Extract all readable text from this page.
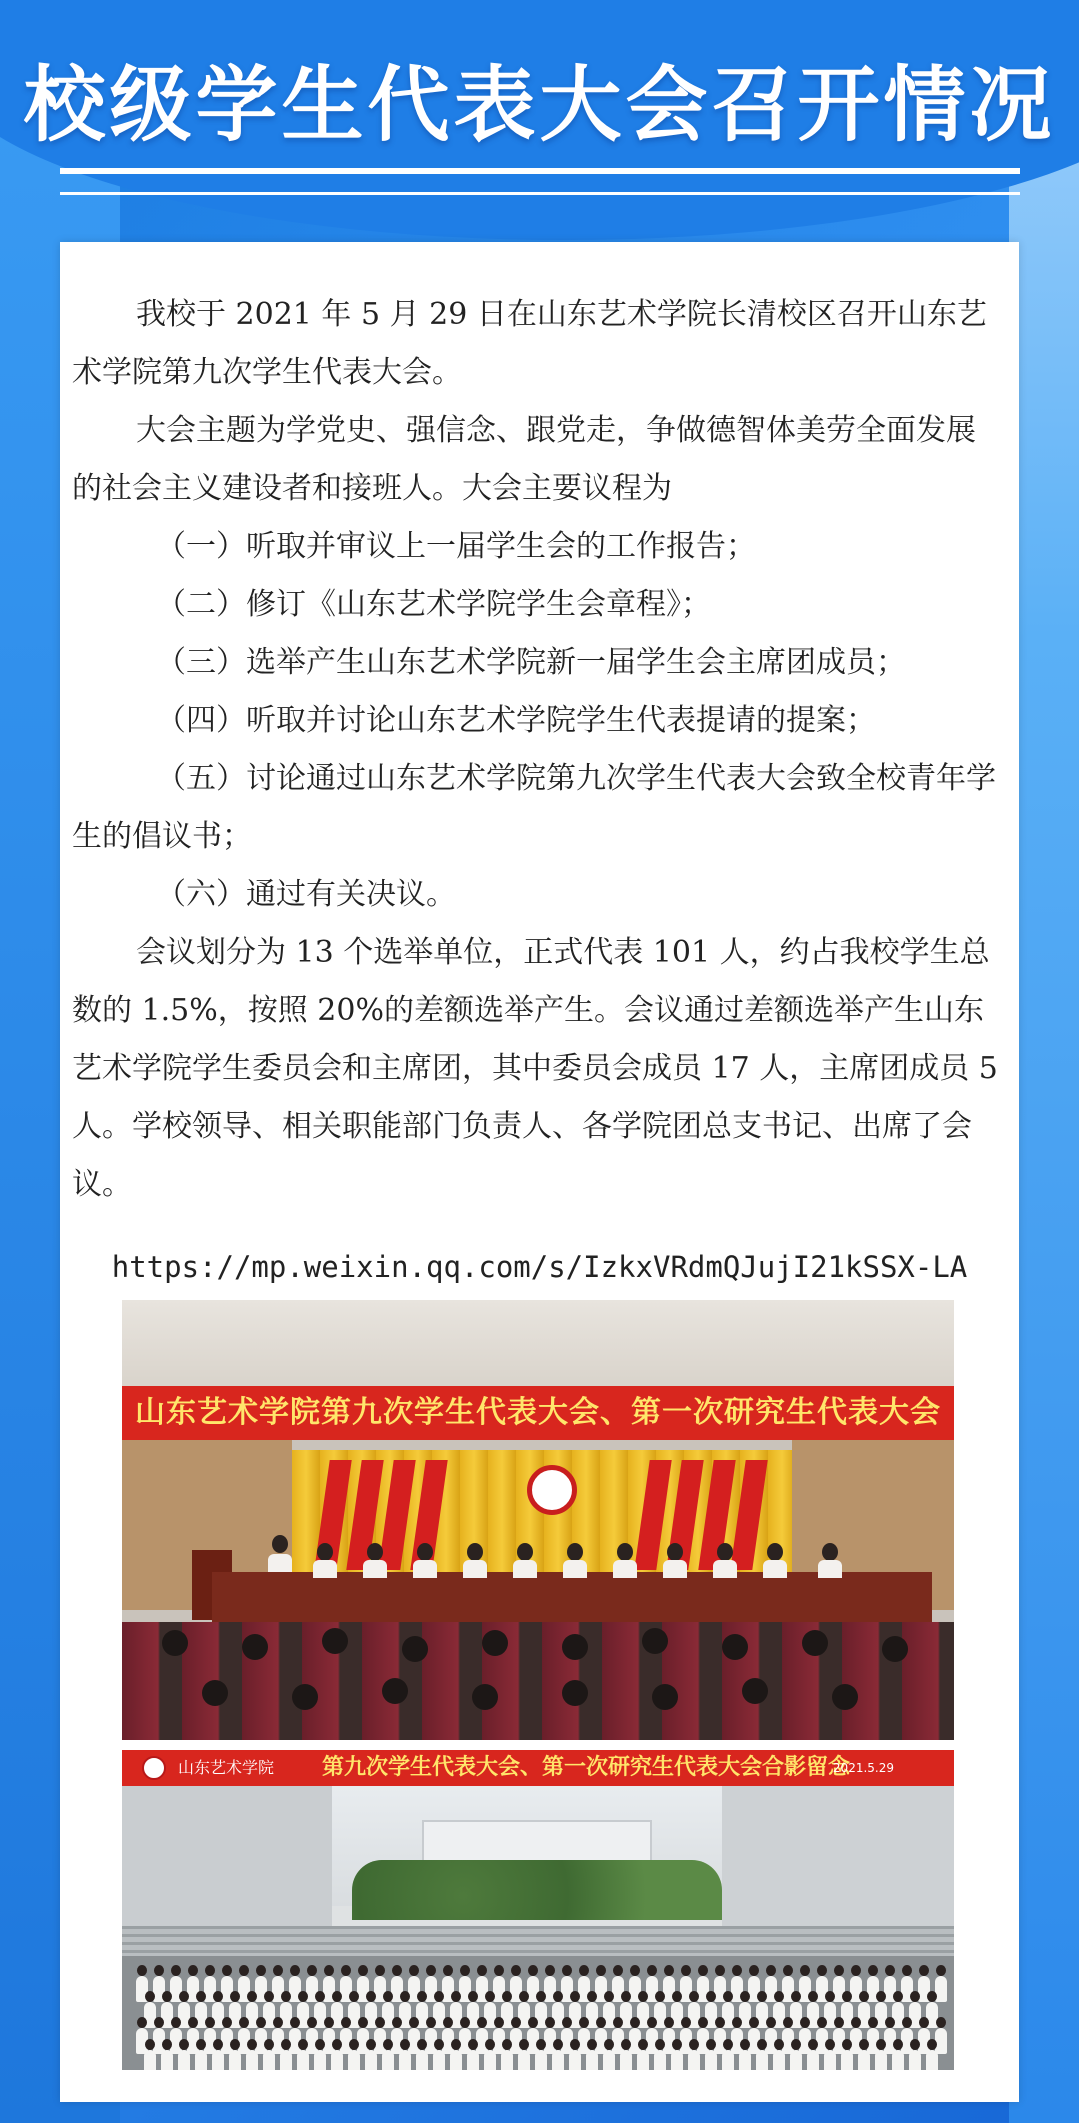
校级学生代表大会召开情况

我校于 2021 年 5 月 29 日在山东艺术学院长清校区召开山东艺术学院第九次学生代表大会。

大会主题为学党史、强信念、跟党走，争做德智体美劳全面发展的社会主义建设者和接班人。大会主要议程为

（一）听取并审议上一届学生会的工作报告；

（二）修订《山东艺术学院学生会章程》；

（三）选举产生山东艺术学院新一届学生会主席团成员；

（四）听取并讨论山东艺术学院学生代表提请的提案；

（五）讨论通过山东艺术学院第九次学生代表大会致全校青年学生的倡议书；

（六）通过有关决议。

会议划分为 13 个选举单位，正式代表 101 人，约占我校学生总数的 1.5%，按照 20%的差额选举产生。会议通过差额选举产生山东艺术学院学生委员会和主席团，其中委员会成员 17 人，主席团成员 5 人。学校领导、相关职能部门负责人、各学院团总支书记、出席了会议。

https://mp.weixin.qq.com/s/IzkxVRdmQJujI21kSSX-LA
山东艺术学院第九次学生代表大会、第一次研究生代表大会
山东艺术学院 第九次学生代表大会、第一次研究生代表大会合影留念
2021.5.29
